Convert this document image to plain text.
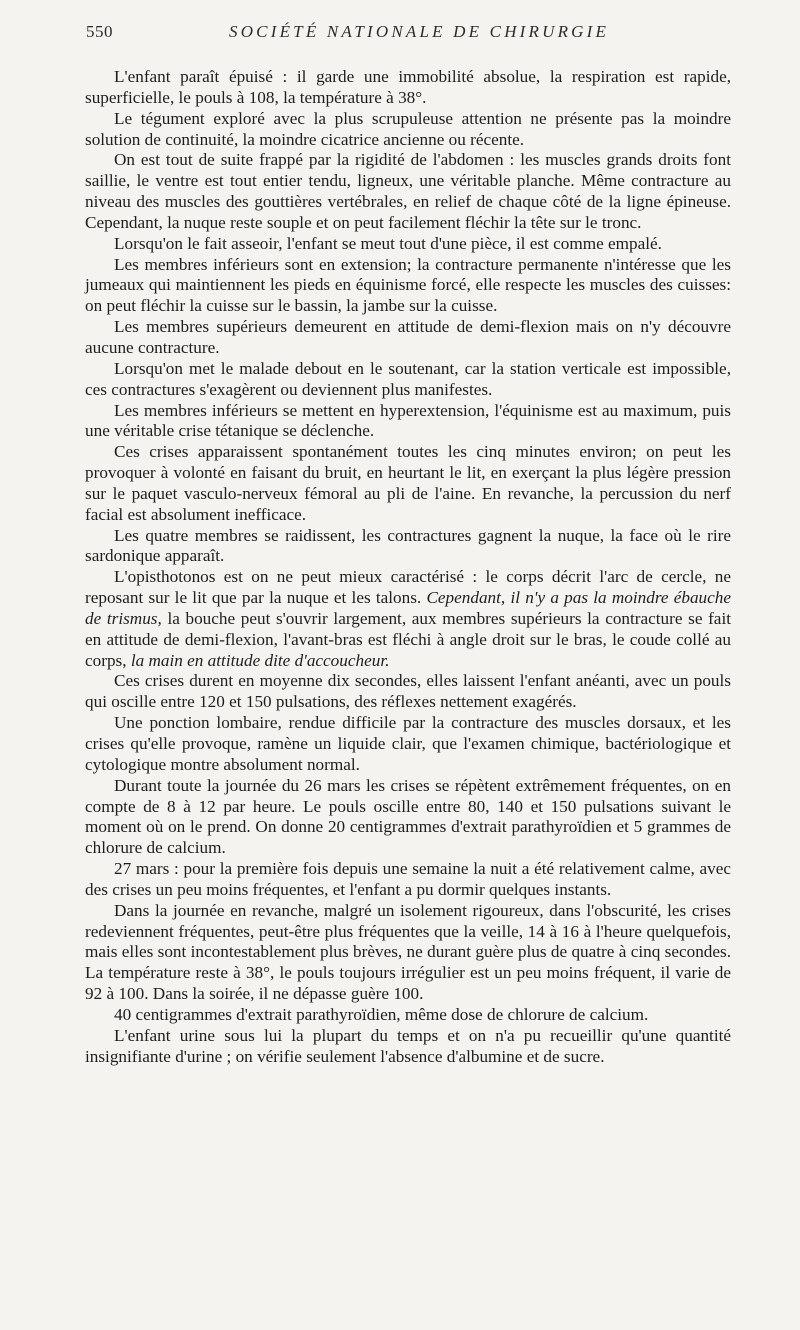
550	SOCIÉTÉ NATIONALE DE CHIRURGIE

L'enfant paraît épuisé : il garde une immobilité absolue, la respiration est rapide, superficielle, le pouls à 108, la température à 38°.

Le tégument exploré avec la plus scrupuleuse attention ne présente pas la moindre solution de continuité, la moindre cicatrice ancienne ou récente.

On est tout de suite frappé par la rigidité de l'abdomen : les muscles grands droits font saillie, le ventre est tout entier tendu, ligneux, une véritable planche. Même contracture au niveau des muscles des gouttières vertébrales, en relief de chaque côté de la ligne épineuse. Cependant, la nuque reste souple et on peut facilement fléchir la tête sur le tronc.

Lorsqu'on le fait asseoir, l'enfant se meut tout d'une pièce, il est comme empalé.

Les membres inférieurs sont en extension; la contracture permanente n'intéresse que les jumeaux qui maintiennent les pieds en équinisme forcé, elle respecte les muscles des cuisses: on peut fléchir la cuisse sur le bassin, la jambe sur la cuisse.

Les membres supérieurs demeurent en attitude de demi-flexion mais on n'y découvre aucune contracture.

Lorsqu'on met le malade debout en le soutenant, car la station verticale est impossible, ces contractures s'exagèrent ou deviennent plus manifestes.

Les membres inférieurs se mettent en hyperextension, l'équinisme est au maximum, puis une véritable crise tétanique se déclenche.

Ces crises apparaissent spontanément toutes les cinq minutes environ; on peut les provoquer à volonté en faisant du bruit, en heurtant le lit, en exerçant la plus légère pression sur le paquet vasculo-nerveux fémoral au pli de l'aine. En revanche, la percussion du nerf facial est absolument inefficace.

Les quatre membres se raidissent, les contractures gagnent la nuque, la face où le rire sardonique apparaît.

L'opisthotonos est on ne peut mieux caractérisé : le corps décrit l'arc de cercle, ne reposant sur le lit que par la nuque et les talons. Cependant, il n'y a pas la moindre ébauche de trismus, la bouche peut s'ouvrir largement, aux membres supérieurs la contracture se fait en attitude de demi-flexion, l'avant-bras est fléchi à angle droit sur le bras, le coude collé au corps, la main en attitude dite d'accoucheur.

Ces crises durent en moyenne dix secondes, elles laissent l'enfant anéanti, avec un pouls qui oscille entre 120 et 150 pulsations, des réflexes nettement exagérés.

Une ponction lombaire, rendue difficile par la contracture des muscles dorsaux, et les crises qu'elle provoque, ramène un liquide clair, que l'examen chimique, bactériologique et cytologique montre absolument normal.

Durant toute la journée du 26 mars les crises se répètent extrêmement fréquentes, on en compte de 8 à 12 par heure. Le pouls oscille entre 80, 140 et 150 pulsations suivant le moment où on le prend. On donne 20 centigrammes d'extrait parathyroïdien et 5 grammes de chlorure de calcium.

27 mars : pour la première fois depuis une semaine la nuit a été relativement calme, avec des crises un peu moins fréquentes, et l'enfant a pu dormir quelques instants.

Dans la journée en revanche, malgré un isolement rigoureux, dans l'obscurité, les crises redeviennent fréquentes, peut-être plus fréquentes que la veille, 14 à 16 à l'heure quelquefois, mais elles sont incontestablement plus brèves, ne durant guère plus de quatre à cinq secondes. La température reste à 38°, le pouls toujours irrégulier est un peu moins fréquent, il varie de 92 à 100. Dans la soirée, il ne dépasse guère 100.

40 centigrammes d'extrait parathyroïdien, même dose de chlorure de calcium.

L'enfant urine sous lui la plupart du temps et on n'a pu recueillir qu'une quantité insignifiante d'urine ; on vérifie seulement l'absence d'albumine et de sucre.
